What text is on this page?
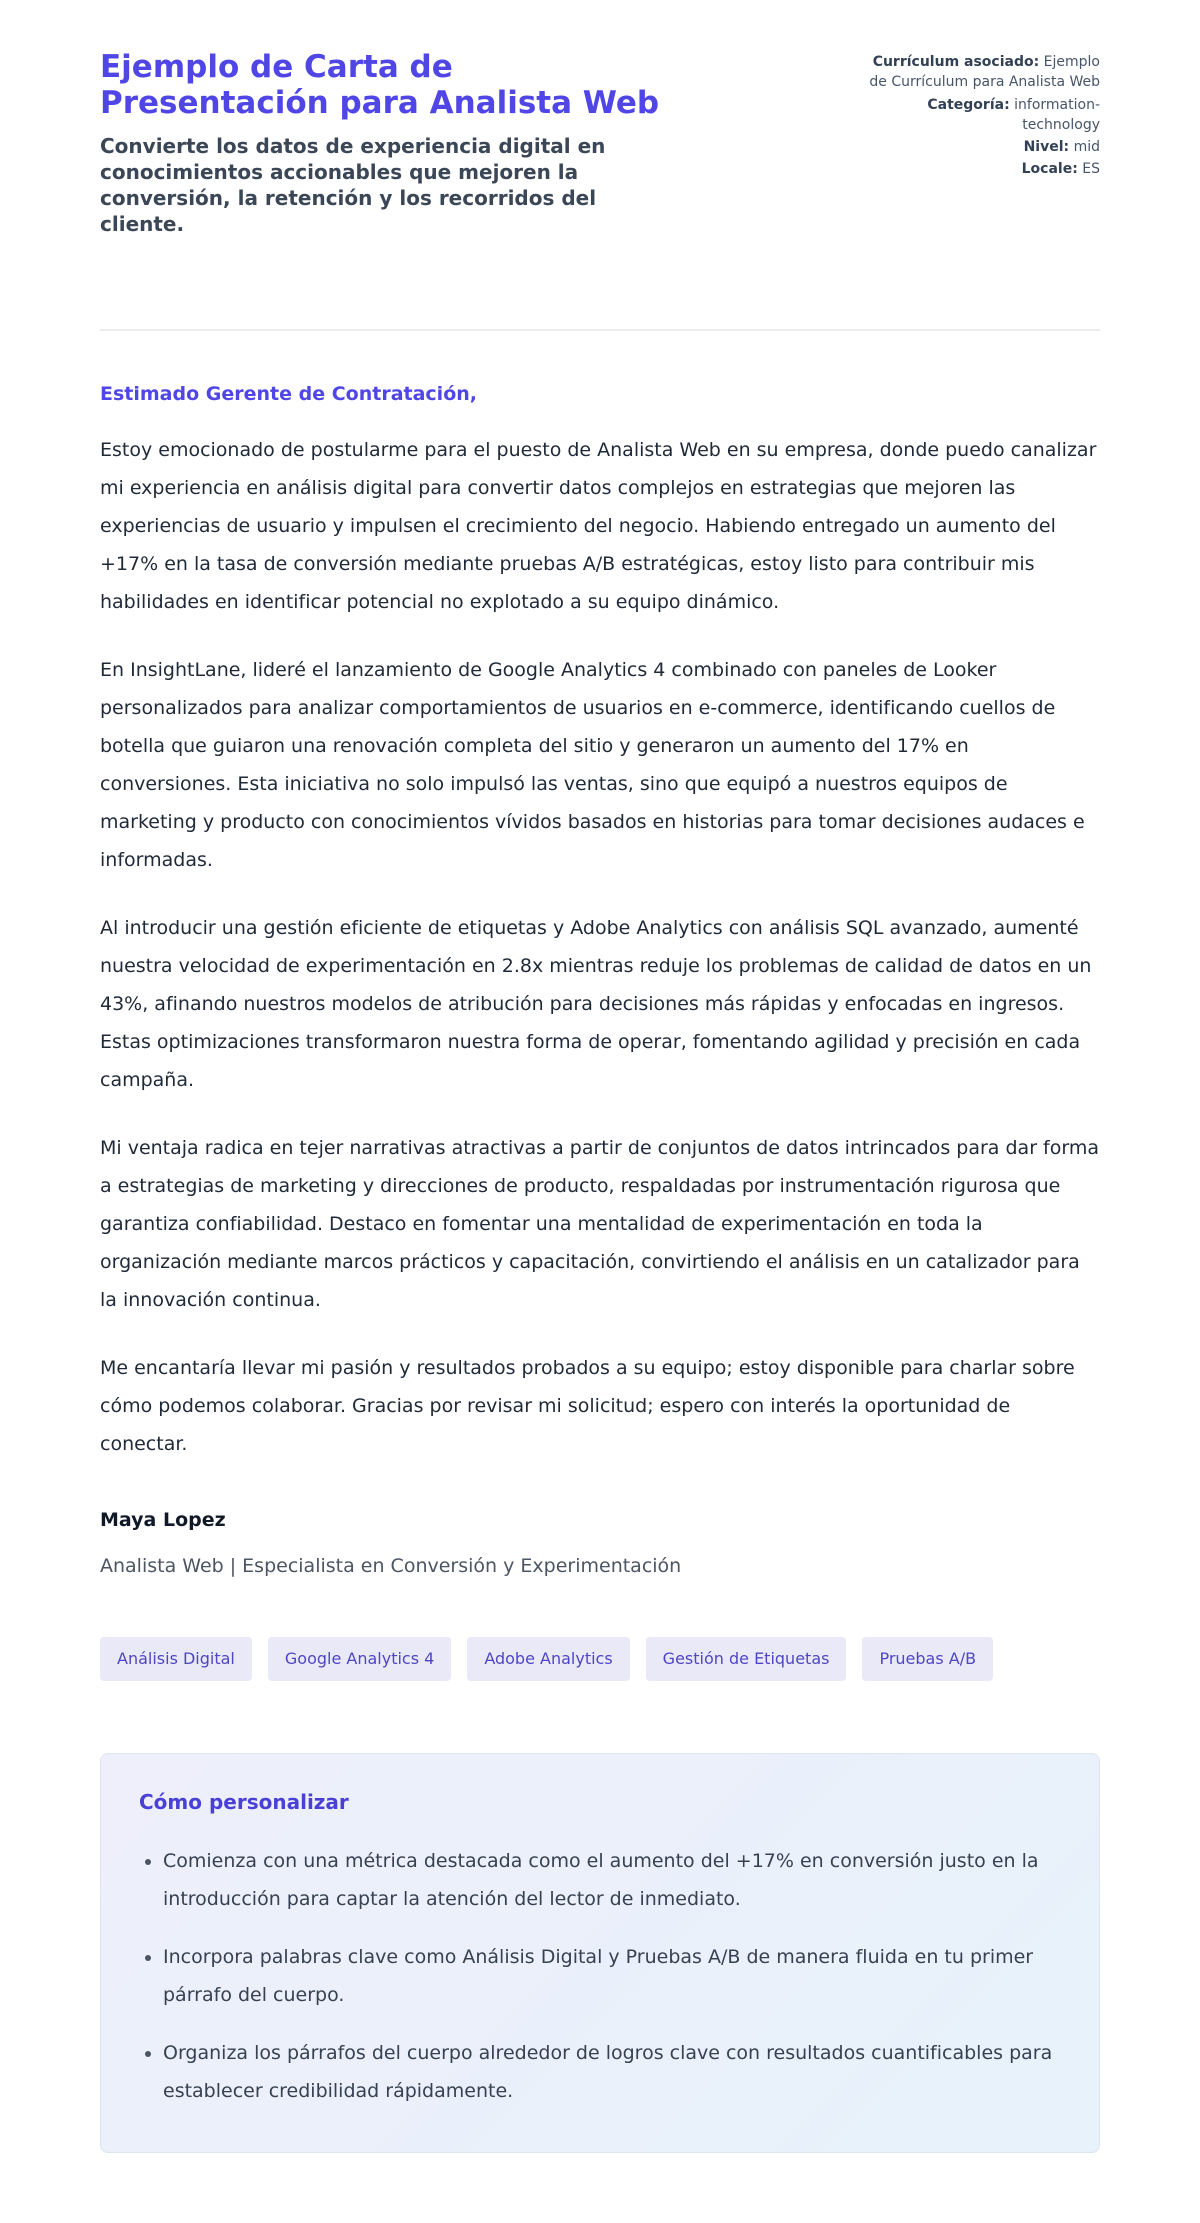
Ejemplo de Carta de
Presentación para Analista Web

Convierte los datos de experiencia digital en conocimientos accionables que mejoren la conversión, la retención y los recorridos del cliente.

Currículum asociado: Ejemplo de Currículum para Analista Web
Categoría: information-technology
Nivel: mid
Locale: ES

Estimado Gerente de Contratación,

Estoy emocionado de postularme para el puesto de Analista Web en su empresa, donde puedo canalizar mi experiencia en análisis digital para convertir datos complejos en estrategias que mejoren las experiencias de usuario y impulsen el crecimiento del negocio. Habiendo entregado un aumento del +17% en la tasa de conversión mediante pruebas A/B estratégicas, estoy listo para contribuir mis habilidades en identificar potencial no explotado a su equipo dinámico.

En InsightLane, lideré el lanzamiento de Google Analytics 4 combinado con paneles de Looker personalizados para analizar comportamientos de usuarios en e-commerce, identificando cuellos de botella que guiaron una renovación completa del sitio y generaron un aumento del 17% en conversiones. Esta iniciativa no solo impulsó las ventas, sino que equipó a nuestros equipos de marketing y producto con conocimientos vívidos basados en historias para tomar decisiones audaces e informadas.

Al introducir una gestión eficiente de etiquetas y Adobe Analytics con análisis SQL avanzado, aumenté nuestra velocidad de experimentación en 2.8x mientras reduje los problemas de calidad de datos en un 43%, afinando nuestros modelos de atribución para decisiones más rápidas y enfocadas en ingresos. Estas optimizaciones transformaron nuestra forma de operar, fomentando agilidad y precisión en cada campaña.

Mi ventaja radica en tejer narrativas atractivas a partir de conjuntos de datos intrincados para dar forma a estrategias de marketing y direcciones de producto, respaldadas por instrumentación rigurosa que garantiza confiabilidad. Destaco en fomentar una mentalidad de experimentación en toda la organización mediante marcos prácticos y capacitación, convirtiendo el análisis en un catalizador para la innovación continua.

Me encantaría llevar mi pasión y resultados probados a su equipo; estoy disponible para charlar sobre cómo podemos colaborar. Gracias por revisar mi solicitud; espero con interés la oportunidad de conectar.

Maya Lopez

Analista Web | Especialista en Conversión y Experimentación

Análisis Digital	Google Analytics 4	Adobe Analytics	Gestión de Etiquetas	Pruebas A/B
Cómo personalizar
• Comienza con una métrica destacada como el aumento del +17% en conversión justo en la introducción para captar la atención del lector de inmediato.
• Incorpora palabras clave como Análisis Digital y Pruebas A/B de manera fluida en tu primer párrafo del cuerpo.
• Organiza los párrafos del cuerpo alrededor de logros clave con resultados cuantificables para establecer credibilidad rápidamente.
